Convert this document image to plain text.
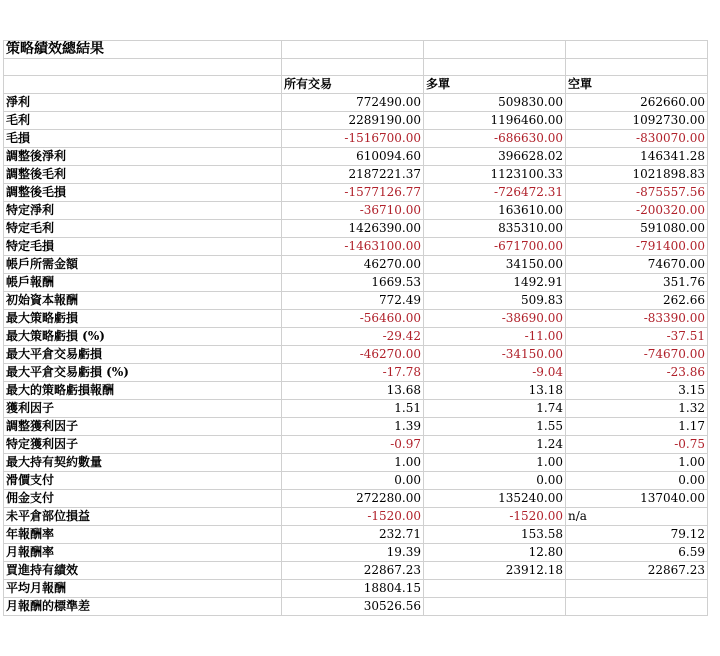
策略績效總結果			

	所有交易	多單	空單
淨利	772490.00	509830.00	262660.00
毛利	2289190.00	1196460.00	1092730.00
毛損	-1516700.00	-686630.00	-830070.00
調整後淨利	610094.60	396628.02	146341.28
調整後毛利	2187221.37	1123100.33	1021898.83
調整後毛損	-1577126.77	-726472.31	-875557.56
特定淨利	-36710.00	163610.00	-200320.00
特定毛利	1426390.00	835310.00	591080.00
特定毛損	-1463100.00	-671700.00	-791400.00
帳戶所需金額	46270.00	34150.00	74670.00
帳戶報酬	1669.53	1492.91	351.76
初始資本報酬	772.49	509.83	262.66
最大策略虧損	-56460.00	-38690.00	-83390.00
最大策略虧損 (%)	-29.42	-11.00	-37.51
最大平倉交易虧損	-46270.00	-34150.00	-74670.00
最大平倉交易虧損 (%)	-17.78	-9.04	-23.86
最大的策略虧損報酬	13.68	13.18	3.15
獲利因子	1.51	1.74	1.32
調整獲利因子	1.39	1.55	1.17
特定獲利因子	-0.97	1.24	-0.75
最大持有契約數量	1.00	1.00	1.00
滑價支付	0.00	0.00	0.00
佣金支付	272280.00	135240.00	137040.00
未平倉部位損益	-1520.00	-1520.00	n/a
年報酬率	232.71	153.58	79.12
月報酬率	19.39	12.80	6.59
買進持有績效	22867.23	23912.18	22867.23
平均月報酬	18804.15		
月報酬的標準差	30526.56		
